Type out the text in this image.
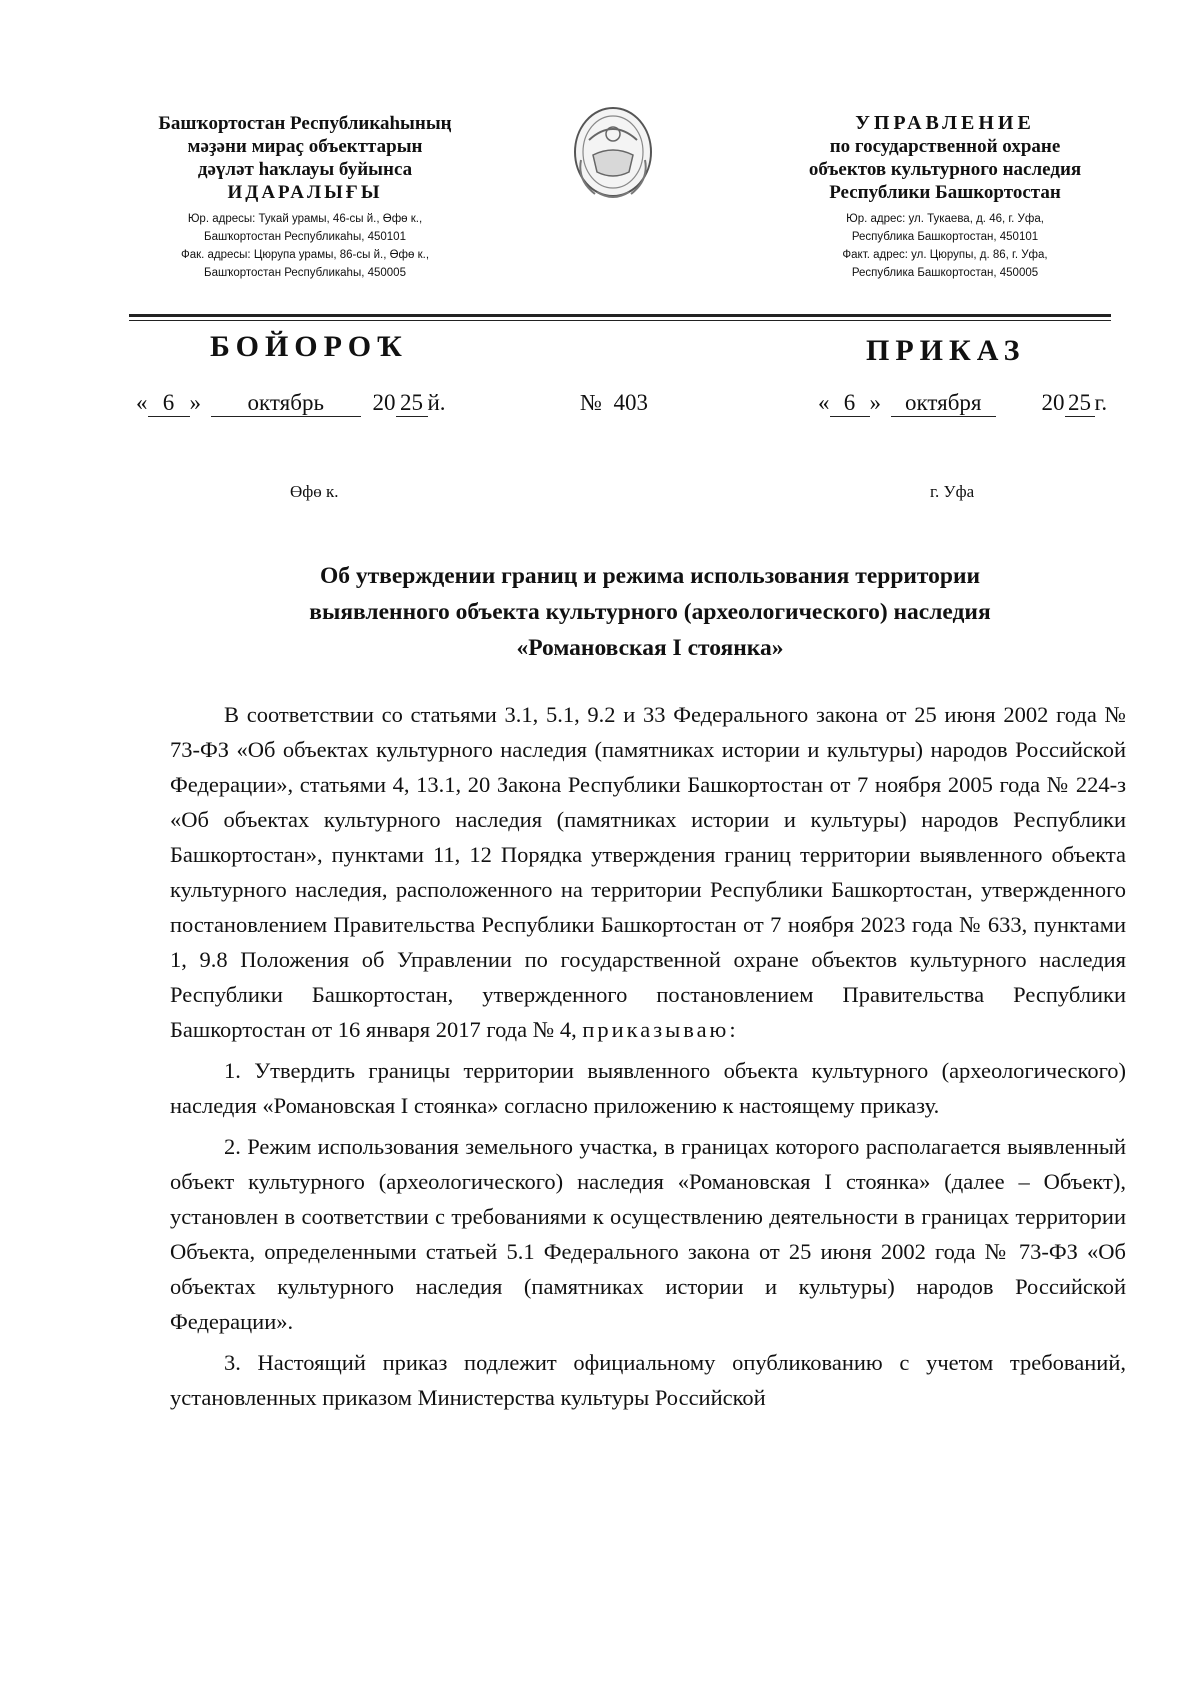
Башҡортостан Республикаһының
мәҙәни мираҫ объекттарын
дәүләт һаҡлауы буйынса
ИДАРАЛЫҒЫ
Юр. адресы: Тукай урамы, 46-сы й., Өфө к.,
Башҡортостан Республикаһы, 450101
Фак. адресы: Цюрупа урамы, 86-сы й., Өфө к.,
Башҡортостан Республикаһы, 450005
УПРАВЛЕНИЕ
по государственной охране
объектов культурного наследия
Республики Башкортостан
Юр. адрес: ул. Тукаева, д. 46, г. Уфа,
Республика Башкортостан, 450101
Факт. адрес: ул. Цюрупы, д. 86, г. Уфа,
Республика Башкортостан, 450005
БОЙОРОҠ	ПРИКАЗ
« 6 » октябрь 20 25 й.	№ 403	« 6 » октября	20 25 г.
Өфө к.	г. Уфа
Об утверждении границ и режима использования территории
выявленного объекта культурного (археологического) наследия
«Романовская I стоянка»

В соответствии со статьями 3.1, 5.1, 9.2 и 33 Федерального закона от 25 июня 2002 года № 73-ФЗ «Об объектах культурного наследия (памятниках истории и культуры) народов Российской Федерации», статьями 4, 13.1, 20 Закона Республики Башкортостан от 7 ноября 2005 года № 224-з «Об объектах культурного наследия (памятниках истории и культуры) народов Республики Башкортостан», пунктами 11, 12 Порядка утверждения границ территории выявленного объекта культурного наследия, расположенного на территории Республики Башкортостан, утвержденного постановлением Правительства Республики Башкортостан от 7 ноября 2023 года № 633, пунктами 1, 9.8 Положения об Управлении по государственной охране объектов культурного наследия Республики Башкортостан, утвержденного постановлением Правительства Республики Башкортостан от 16 января 2017 года № 4, приказываю:

1. Утвердить границы территории выявленного объекта культурного (археологического) наследия «Романовская I стоянка» согласно приложению к настоящему приказу.

2. Режим использования земельного участка, в границах которого располагается выявленный объект культурного (археологического) наследия «Романовская I стоянка» (далее – Объект), установлен в соответствии с требованиями к осуществлению деятельности в границах территории Объекта, определенными статьей 5.1 Федерального закона от 25 июня 2002 года № 73-ФЗ «Об объектах культурного наследия (памятниках истории и культуры) народов Российской Федерации».

3. Настоящий приказ подлежит официальному опубликованию с учетом требований, установленных приказом Министерства культуры Российской
